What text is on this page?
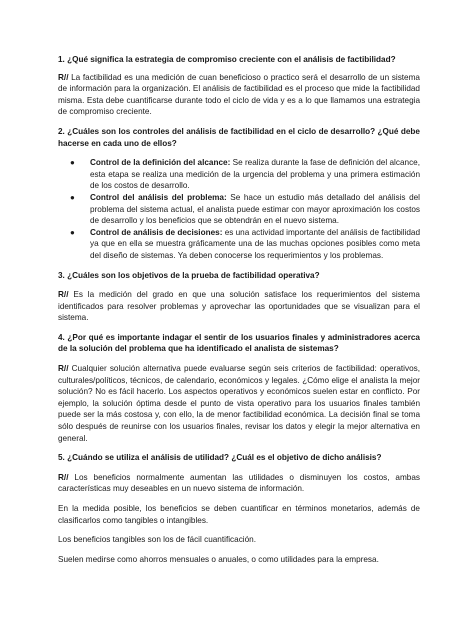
1. ¿Qué significa la estrategia de compromiso creciente con el análisis de factibilidad?
R// La factibilidad es una medición de cuan beneficioso o practico será el desarrollo de un sistema de información para la organización. El análisis de factibilidad es el proceso que mide la factibilidad misma. Esta debe cuantificarse durante todo el ciclo de vida y es a lo que llamamos una estrategia de compromiso creciente.
2. ¿Cuáles son los controles del análisis de factibilidad en el ciclo de desarrollo? ¿Qué debe hacerse en cada uno de ellos?
● Control de la definición del alcance: Se realiza durante la fase de definición del alcance, esta etapa se realiza una medición de la urgencia del problema y una primera estimación de los costos de desarrollo.
● Control del análisis del problema: Se hace un estudio más detallado del análisis del problema del sistema actual, el analista puede estimar con mayor aproximación los costos de desarrollo y los beneficios que se obtendrán en el nuevo sistema.
● Control de análisis de decisiones: es una actividad importante del análisis de factibilidad ya que en ella se muestra gráficamente una de las muchas opciones posibles como meta del diseño de sistemas. Ya deben conocerse los requerimientos y los problemas.
3. ¿Cuáles son los objetivos de la prueba de factibilidad operativa?
R// Es la medición del grado en que una solución satisface los requerimientos del sistema identificados para resolver problemas y aprovechar las oportunidades que se visualizan para el sistema.
4. ¿Por qué es importante indagar el sentir de los usuarios finales y administradores acerca de la solución del problema que ha identificado el analista de sistemas?
R// Cualquier solución alternativa puede evaluarse según seis criterios de factibilidad: operativos, culturales/políticos, técnicos, de calendario, económicos y legales. ¿Cómo elige el analista la mejor solución? No es fácil hacerlo. Los aspectos operativos y económicos suelen estar en conflicto. Por ejemplo, la solución óptima desde el punto de vista operativo para los usuarios finales también puede ser la más costosa y, con ello, la de menor factibilidad económica. La decisión final se toma sólo después de reunirse con los usuarios finales, revisar los datos y elegir la mejor alternativa en general.
5. ¿Cuándo se utiliza el análisis de utilidad? ¿Cuál es el objetivo de dicho análisis?
R// Los beneficios normalmente aumentan las utilidades o disminuyen los costos, ambas características muy deseables en un nuevo sistema de información.
En la medida posible, los beneficios se deben cuantificar en términos monetarios, además de clasificarlos como tangibles o intangibles.
Los beneficios tangibles son los de fácil cuantificación.
Suelen medirse como ahorros mensuales o anuales, o como utilidades para la empresa.
